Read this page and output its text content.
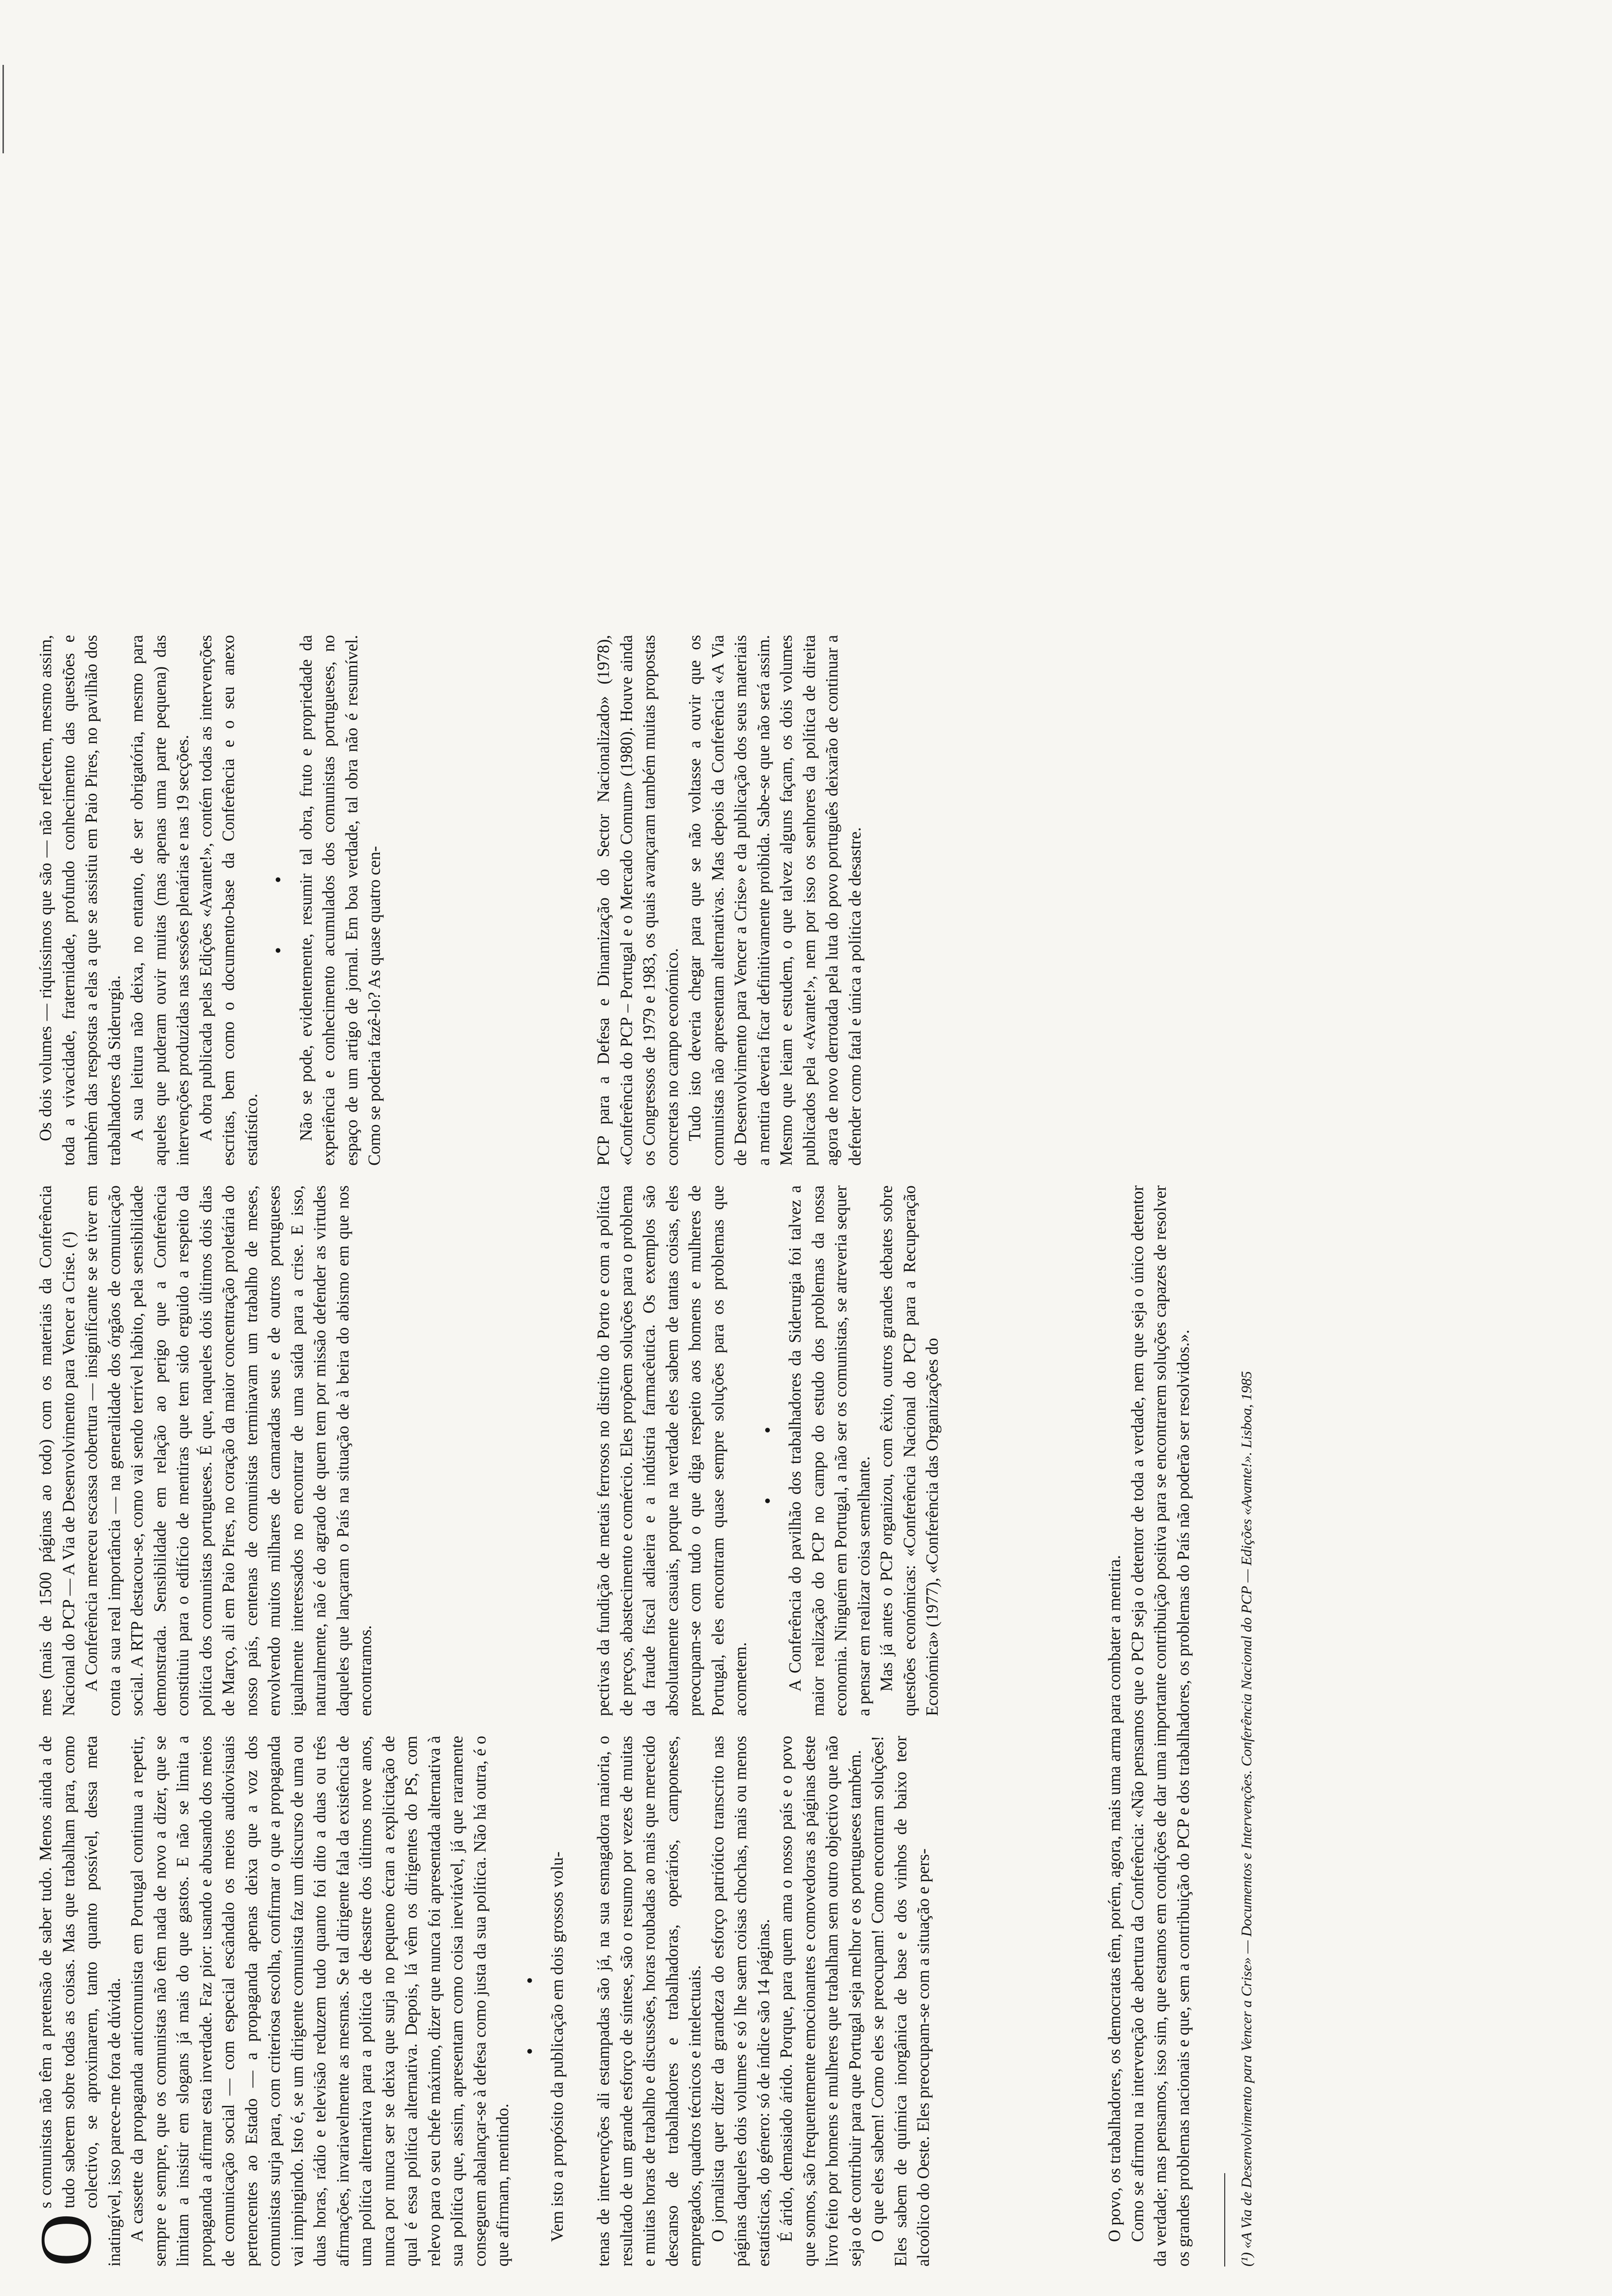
O
s comunistas não têm a pretensão de saber tudo. Menos ainda a de tudo saberem sobre todas as coisas. Mas que trabalham para, como colectivo, se aproximarem, tanto quanto possível, dessa meta inatingível, isso parece-me fora de dúvida. A cassette da propaganda anticomunista em Portugal continua a repetir, sempre e sempre, que os comunistas não têm nada de novo a dizer, que se limitam a insistir em slogans já mais do que gastos. E não se limita a propaganda a afirmar esta inverdade. Faz pior: usando e abusando dos meios de comunicação social — com especial escândalo os meios audiovisuais pertencentes ao Estado — a propaganda apenas deixa que a voz dos comunistas surja para, com criteriosa escolha, confirmar o que a propaganda vai impingindo. Isto é, se um dirigente comunista faz um discurso de uma ou duas horas, rádio e televisão reduzem tudo quanto foi dito a duas ou três afirmações, invariavelmente as mesmas. Se tal dirigente fala da existência de uma política alternativa para a política de desastre dos últimos nove anos, nunca por nunca ser se deixa que surja no pequeno écran a explicitação de qual é essa política alternativa. Depois, lá vêm os dirigentes do PS, com relevo para o seu chefe máximo, dizer que nunca foi apresentada alternativa à sua política que, assim, apresentam como coisa inevitável, já que raramente conseguem abalançar-se à defesa como justa da sua política. Não há outra, é o que afirmam, mentindo.

• • Vem isto a propósito da publicação em dois grossos volu-

mes (mais de 1500 páginas ao todo) com os materiais da Conferência Nacional do PCP — A Via de Desenvolvimento para Vencer a Crise. (¹) A Conferência mereceu escassa cobertura — insignificante se se tiver em conta a sua real importância — na generalidade dos órgãos de comunicação social. A RTP destacou-se, como vai sendo terrível hábito, pela sensibilidade demonstrada. Sensibilidade em relação ao perigo que a Conferência constituiu para o edifício de mentiras que tem sido erguido a respeito da política dos comunistas portugueses. É que, naqueles dois últimos dois dias de Março, ali em Paio Pires, no coração da maior concentração proletária do nosso país, centenas de comunistas terminavam um trabalho de meses, envolvendo muitos milhares de camaradas seus e de outros portugueses igualmente interessados no encontrar de uma saída para a crise. E isso, naturalmente, não é do agrado de quem tem por missão defender as virtudes daqueles que lançaram o País na situação de à beira do abismo em que nos encontramos.

Os dois volumes — riquíssimos que são — não reflectem, mesmo assim, toda a vivacidade, fraternidade, profundo conhecimento das questões e também das respostas a elas a que se assistiu em Paio Pires, no pavilhão dos trabalhadores da Siderurgia. A sua leitura não deixa, no entanto, de ser obrigatória, mesmo para aqueles que puderam ouvir muitas (mas apenas uma parte pequena) das intervenções produzidas nas sessões plenárias e nas 19 secções. A obra publicada pelas Edições «Avante!», contém todas as intervenções escritas, bem como o documento-base da Conferência e o seu anexo estatístico.

• • Não se pode, evidentemente, resumir tal obra, fruto e propriedade da experiência e conhecimento acumulados dos comunistas portugueses, no espaço de um artigo de jornal. Em boa verdade, tal obra não é resumível. Como se poderia fazê-lo? As quase quatro cen-

tenas de intervenções ali estampadas são já, na sua esmagadora maioria, o resultado de um grande esforço de síntese, são o resumo por vezes de muitas e muitas horas de trabalho e discussões, horas roubadas ao mais que merecido descanso de trabalhadores e trabalhadoras, operários, camponeses, empregados, quadros técnicos e intelectuais. O jornalista quer dizer da grandeza do esforço patriótico transcrito nas páginas daqueles dois volumes e só lhe saem coisas chochas, mais ou menos estatísticas, do género: só de índice são 14 páginas. É árido, demasiado árido. Porque, para quem ama o nosso país e o povo que somos, são frequentemente emocionantes e comovedoras as páginas deste livro feito por homens e mulheres que trabalham sem outro objectivo que não seja o de contribuir para que Portugal seja melhor e os portugueses também. O que eles sabem! Como eles se preocupam! Como encontram soluções! Eles sabem de química inorgânica de base e dos vinhos de baixo teor alcoólico do Oeste. Eles preocupam-se com a situação e pers-

pectivas da fundição de metais ferrosos no distrito do Porto e com a política de preços, abastecimento e comércio. Eles propõem soluções para o problema da fraude fiscal adiaeira e a indústria farmacêutica. Os exemplos são absolutamente casuais, porque na verdade eles sabem de tantas coisas, eles preocupam-se com tudo o que diga respeito aos homens e mulheres de Portugal, eles encontram quase sempre soluções para os problemas que acometem.

• • A Conferência do pavilhão dos trabalhadores da Siderurgia foi talvez a maior realização do PCP no campo do estudo dos problemas da nossa economia. Ninguém em Portugal, a não ser os comunistas, se atreveria sequer a pensar em realizar coisa semelhante. Mas já antes o PCP organizou, com êxito, outros grandes debates sobre questões económicas: «Conferência Nacional do PCP para a Recuperação Económica» (1977), «Conferência das Organizações do

PCP para a Defesa e Dinamização do Sector Nacionalizado» (1978), «Conferência do PCP – Portugal e o Mercado Comum» (1980). Houve ainda os Congressos de 1979 e 1983, os quais avançaram também muitas propostas concretas no campo económico. Tudo isto deveria chegar para que se não voltasse a ouvir que os comunistas não apresentam alternativas. Mas depois da Conferência «A Via de Desenvolvimento para Vencer a Crise» e da publicação dos seus materiais a mentira deveria ficar definitivamente proibida. Sabe-se que não será assim. Mesmo que leiam e estudem, o que talvez alguns façam, os dois volumes publicados pela «Avante!», nem por isso os senhores da política de direita agora de novo derrotada pela luta do povo português deixarão de continuar a defender como fatal e única a política de desastre.

O povo, os trabalhadores, os democratas têm, porém, agora, mais uma arma para combater a mentira. Como se afirmou na intervenção de abertura da Conferência: «Não pensamos que o PCP seja o detentor de toda a verdade, nem que seja o único detentor da verdade; mas pensamos, isso sim, que estamos em condições de dar uma importante contribuição positiva para se encontrarem soluções capazes de resolver os grandes problemas nacionais e que, sem a contribuição do PCP e dos trabalhadores, os problemas do País não poderão ser resolvidos.».	(¹) «A Via de Desenvolvimento para Vencer a Crise» — Documentos e Intervenções. Conferência Nacional do PCP — Edições «Avante!». Lisboa, 1985
